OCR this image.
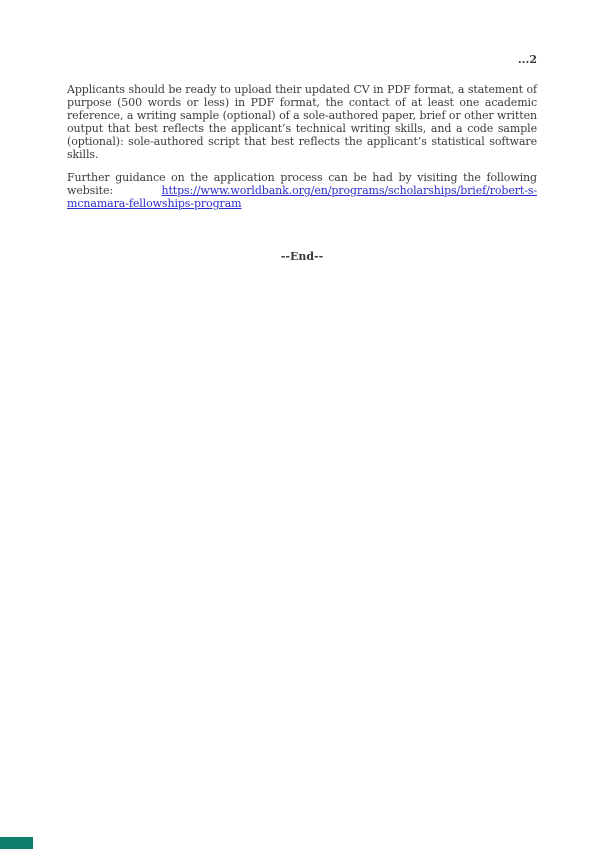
...2

Applicants should be ready to upload their updated CV in PDF format, a statement of purpose (500 words or less) in PDF format, the contact of at least one academic reference, a writing sample (optional) of a sole-authored paper, brief or other written output that best reflects the applicant’s technical writing skills, and a code sample (optional): sole-authored script that best reflects the applicant’s statistical software skills.

Further guidance on the application process can be had by visiting the following website:	https://www.worldbank.org/en/programs/scholarships/brief/robert-s-mcnamara-fellowships-program

--End--
